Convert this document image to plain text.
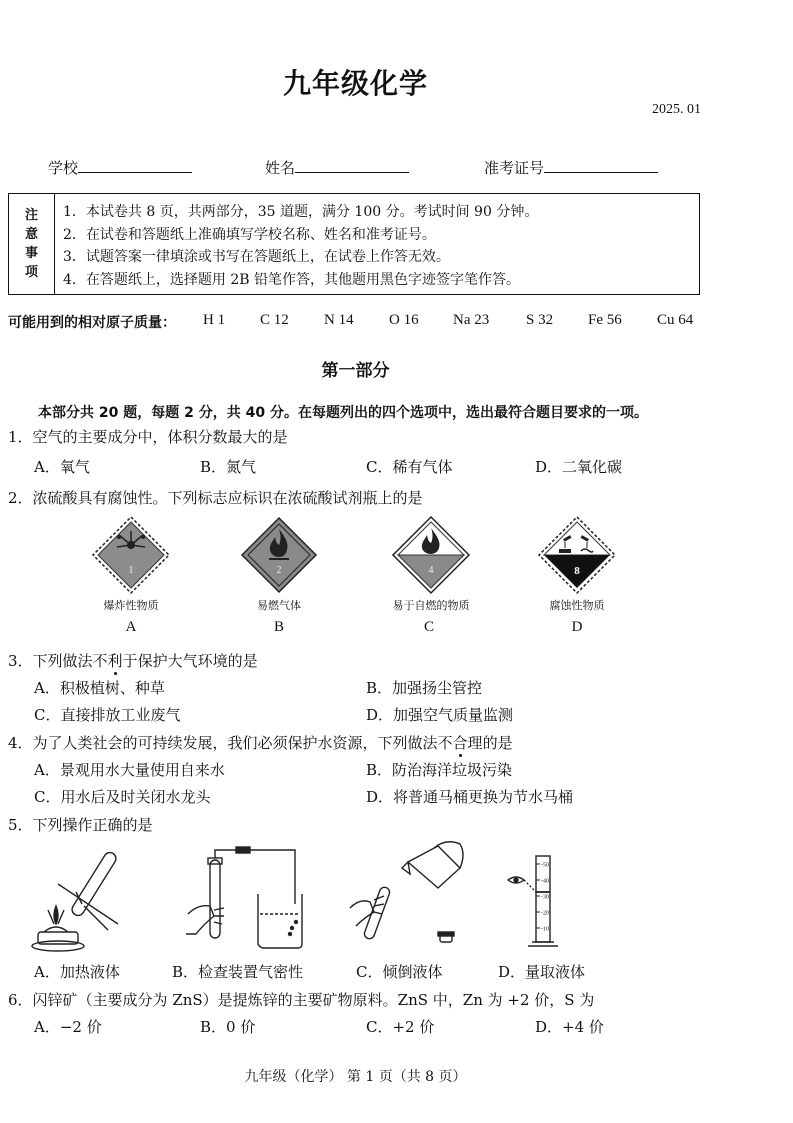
九年级化学
2025. 01
学校	姓名	准考证号
注
意
事
项
1．本试卷共 8 页，共两部分，35 道题，满分 100 分。考试时间 90 分钟。
2．在试卷和答题纸上准确填写学校名称、姓名和准考证号。
3．试题答案一律填涂或书写在答题纸上，在试卷上作答无效。
4．在答题纸上，选择题用 2B 铅笔作答，其他题用黑色字迹签字笔作答。
可能用到的相对原子质量： H 1 C 12 N 14 O 16 Na 23 S 32 Fe 56 Cu 64
第一部分
本部分共 20 题，每题 2 分，共 40 分。在每题列出的四个选项中，选出最符合题目要求的一项。
1．空气的主要成分中，体积分数最大的是
A．氧气	B．氮气	C．稀有气体	D．二氧化碳
2．浓硫酸具有腐蚀性。下列标志应标识在浓硫酸试剂瓶上的是
1
爆炸性物质
A
2
易燃气体
B
4
易于自燃的物质
C
8
腐蚀性物质
D
3．下列做法不利于保护大气环境的是
A．积极植树、种草	B．加强扬尘管控
C．直接排放工业废气	D．加强空气质量监测
4．为了人类社会的可持续发展，我们必须保护水资源，下列做法不合理的是
A．景观用水大量使用自来水	B．防治海洋垃圾污染
C．用水后及时关闭水龙头	D．将普通马桶更换为节水马桶
5．下列操作正确的是
A．加热液体	B．检查装置气密性	C．倾倒液体
-50
-40
-30
-20
-10
D．量取液体
6．闪锌矿（主要成分为 ZnS）是提炼锌的主要矿物原料。ZnS 中，Zn 为 +2 价，S 为
A．−2 价	B．0 价	C．+2 价	D．+4 价
九年级（化学） 第 1 页（共 8 页）
